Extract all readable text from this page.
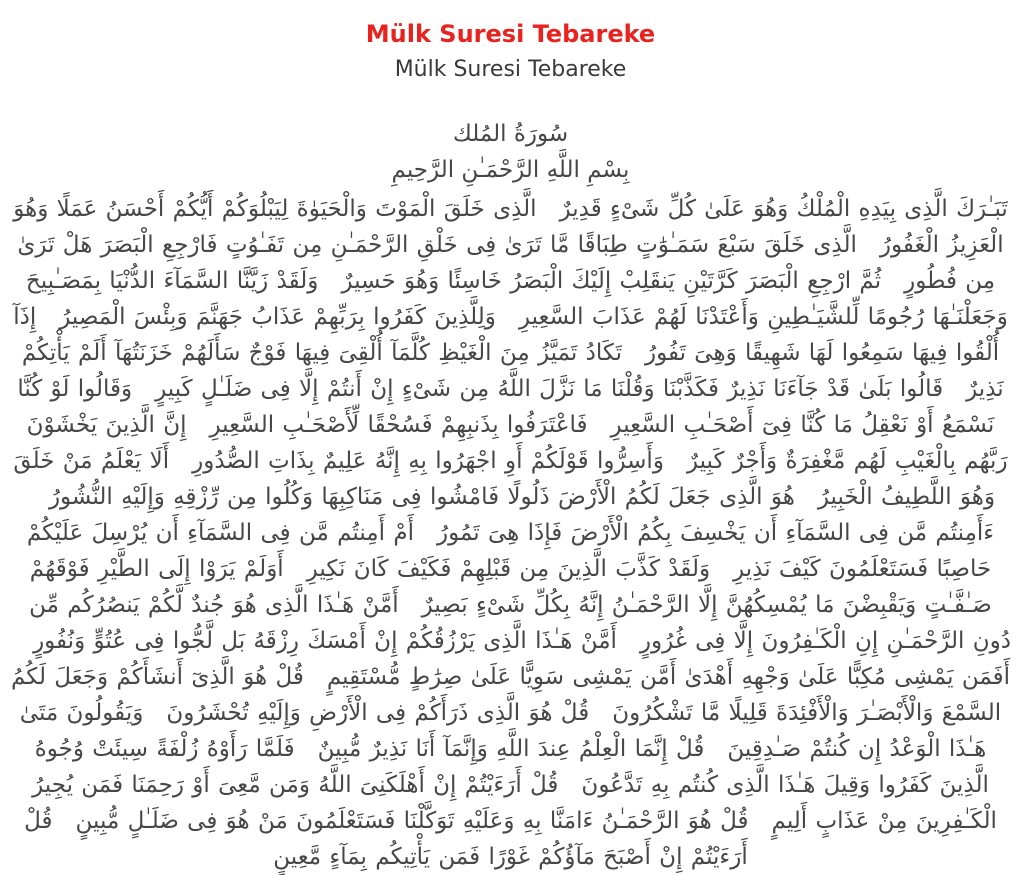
Mülk Suresi Tebareke
Mülk Suresi Tebareke
سُورَةُ المُلك
بِسْمِ اللَّهِ الرَّحْمَـٰنِ الرَّحِيمِ

تَبَـٰرَكَ الَّذِى بِيَدِهِ الْمُلْكُ وَهُوَ عَلَىٰ كُلِّ شَىْءٍ قَدِيرٌ  الَّذِى خَلَقَ الْمَوْتَ وَالْحَيَوٰةَ لِيَبْلُوَكُمْ أَيُّكُمْ أَحْسَنُ عَمَلًا وَهُوَ الْعَزِيزُ الْغَفُورُ  الَّذِى خَلَقَ سَبْعَ سَمَـٰوَٰتٍ طِبَاقًا مَّا تَرَىٰ فِى خَلْقِ الرَّحْمَـٰنِ مِن تَفَـٰوُتٍ فَارْجِعِ الْبَصَرَ هَلْ تَرَىٰ مِن فُطُورٍ  ثُمَّ ارْجِعِ الْبَصَرَ كَرَّتَيْنِ يَنقَلِبْ إِلَيْكَ الْبَصَرُ خَاسِئًا وَهُوَ حَسِيرٌ  وَلَقَدْ زَيَّنَّا السَّمَآءَ الدُّنْيَا بِمَصَـٰبِيحَ وَجَعَلْنَـٰهَا رُجُومًا لِّلشَّيَـٰطِينِ وَأَعْتَدْنَا لَهُمْ عَذَابَ السَّعِيرِ  وَلِلَّذِينَ كَفَرُوا بِرَبِّهِمْ عَذَابُ جَهَنَّمَ وَبِئْسَ الْمَصِيرُ  إِذَآ أُلْقُوا فِيهَا سَمِعُوا لَهَا شَهِيقًا وَهِىَ تَفُورُ  تَكَادُ تَمَيَّزُ مِنَ الْغَيْظِ كُلَّمَآ أُلْقِىَ فِيهَا فَوْجٌ سَأَلَهُمْ خَزَنَتُهَآ أَلَمْ يَأْتِكُمْ نَذِيرٌ  قَالُوا بَلَىٰ قَدْ جَآءَنَا نَذِيرٌ فَكَذَّبْنَا وَقُلْنَا مَا نَزَّلَ اللَّهُ مِن شَىْءٍ إِنْ أَنتُمْ إِلَّا فِى ضَلَـٰلٍ كَبِيرٍ  وَقَالُوا لَوْ كُنَّا نَسْمَعُ أَوْ نَعْقِلُ مَا كُنَّا فِىٓ أَصْحَـٰبِ السَّعِيرِ  فَاعْتَرَفُوا بِذَنبِهِمْ فَسُحْقًا لِّأَصْحَـٰبِ السَّعِيرِ  إِنَّ الَّذِينَ يَخْشَوْنَ رَبَّهُم بِالْغَيْبِ لَهُم مَّغْفِرَةٌ وَأَجْرٌ كَبِيرٌ  وَأَسِرُّوا قَوْلَكُمْ أَوِ اجْهَرُوا بِهِ إِنَّهُ عَلِيمٌ بِذَاتِ الصُّدُورِ  أَلَا يَعْلَمُ مَنْ خَلَقَ وَهُوَ اللَّطِيفُ الْخَبِيرُ  هُوَ الَّذِى جَعَلَ لَكُمُ الْأَرْضَ ذَلُولًا فَامْشُوا فِى مَنَاكِبِهَا وَكُلُوا مِن رِّزْقِهِ وَإِلَيْهِ النُّشُورُ  ءَأَمِنتُم مَّن فِى السَّمَآءِ أَن يَخْسِفَ بِكُمُ الْأَرْضَ فَإِذَا هِىَ تَمُورُ  أَمْ أَمِنتُم مَّن فِى السَّمَآءِ أَن يُرْسِلَ عَلَيْكُمْ حَاصِبًا فَسَتَعْلَمُونَ كَيْفَ نَذِيرِ  وَلَقَدْ كَذَّبَ الَّذِينَ مِن قَبْلِهِمْ فَكَيْفَ كَانَ نَكِيرِ  أَوَلَمْ يَرَوْا إِلَى الطَّيْرِ فَوْقَهُمْ صَـٰفَّـٰتٍ وَيَقْبِضْنَ مَا يُمْسِكُهُنَّ إِلَّا الرَّحْمَـٰنُ إِنَّهُ بِكُلِّ شَىْءٍ بَصِيرٌ  أَمَّنْ هَـٰذَا الَّذِى هُوَ جُندٌ لَّكُمْ يَنصُرُكُم مِّن دُونِ الرَّحْمَـٰنِ إِنِ الْكَـٰفِرُونَ إِلَّا فِى غُرُورٍ  أَمَّنْ هَـٰذَا الَّذِى يَرْزُقُكُمْ إِنْ أَمْسَكَ رِزْقَهُ بَل لَّجُّوا فِى عُتُوٍّ وَنُفُورٍ  أَفَمَن يَمْشِى مُكِبًّا عَلَىٰ وَجْهِهِ أَهْدَىٰ أَمَّن يَمْشِى سَوِيًّا عَلَىٰ صِرَٰطٍ مُّسْتَقِيمٍ  قُلْ هُوَ الَّذِىٓ أَنشَأَكُمْ وَجَعَلَ لَكُمُ السَّمْعَ وَالْأَبْصَـٰرَ وَالْأَفْئِدَةَ قَلِيلًا مَّا تَشْكُرُونَ  قُلْ هُوَ الَّذِى ذَرَأَكُمْ فِى الْأَرْضِ وَإِلَيْهِ تُحْشَرُونَ  وَيَقُولُونَ مَتَىٰ هَـٰذَا الْوَعْدُ إِن كُنتُمْ صَـٰدِقِينَ  قُلْ إِنَّمَا الْعِلْمُ عِندَ اللَّهِ وَإِنَّمَآ أَنَا نَذِيرٌ مُّبِينٌ  فَلَمَّا رَأَوْهُ زُلْفَةً سِيئَتْ وُجُوهُ الَّذِينَ كَفَرُوا وَقِيلَ هَـٰذَا الَّذِى كُنتُم بِهِ تَدَّعُونَ  قُلْ أَرَءَيْتُمْ إِنْ أَهْلَكَنِىَ اللَّهُ وَمَن مَّعِىَ أَوْ رَحِمَنَا فَمَن يُجِيرُ الْكَـٰفِرِينَ مِنْ عَذَابٍ أَلِيمٍ  قُلْ هُوَ الرَّحْمَـٰنُ ءَامَنَّا بِهِ وَعَلَيْهِ تَوَكَّلْنَا فَسَتَعْلَمُونَ مَنْ هُوَ فِى ضَلَـٰلٍ مُّبِينٍ  قُلْ أَرَءَيْتُمْ إِنْ أَصْبَحَ مَآؤُكُمْ غَوْرًا فَمَن يَأْتِيكُم بِمَآءٍ مَّعِينٍ
